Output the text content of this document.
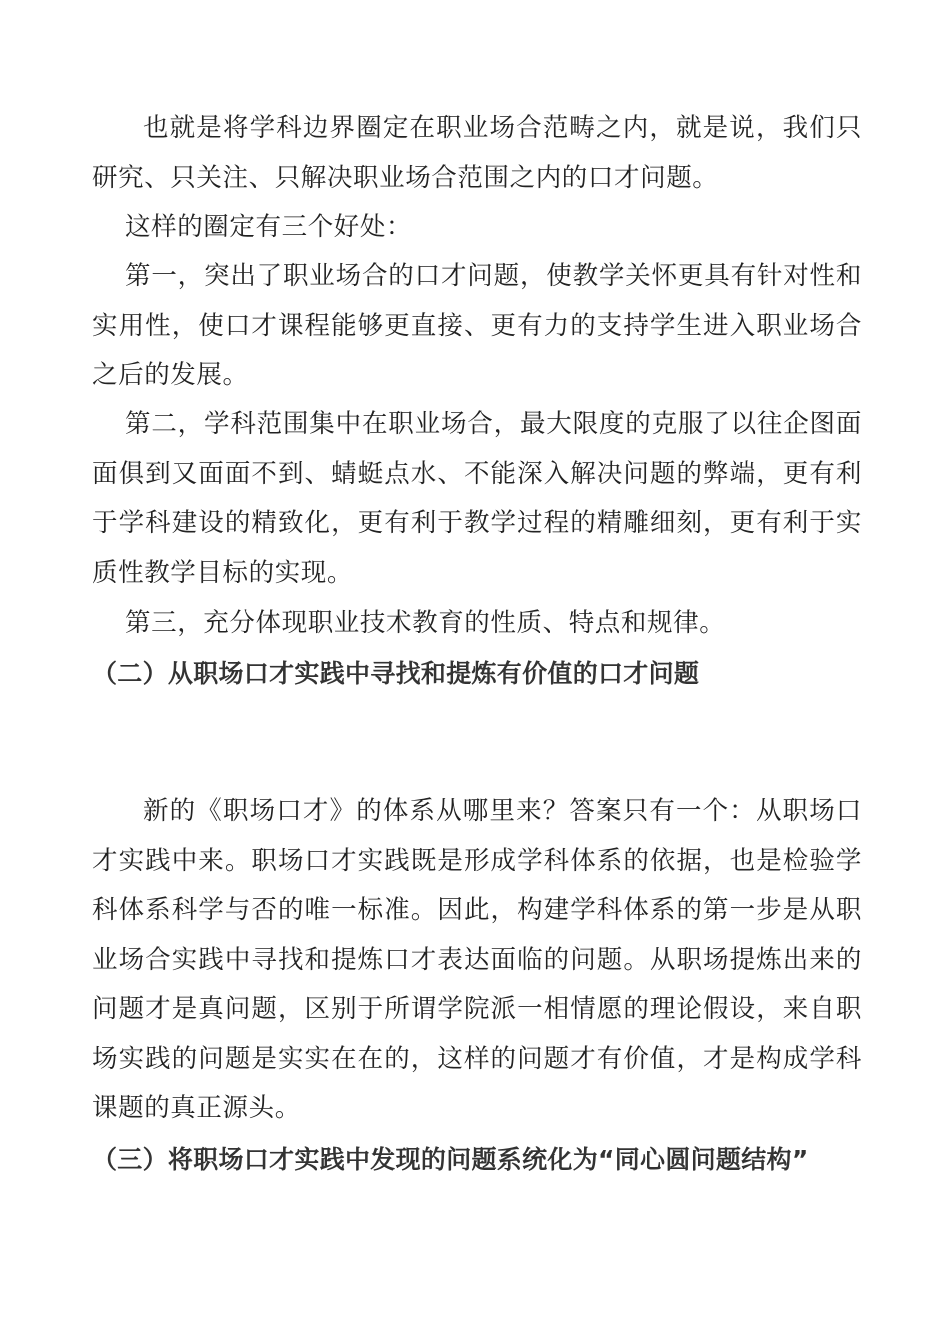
也就是将学科边界圈定在职业场合范畴之内，就是说，我们只研究、只关注、只解决职业场合范围之内的口才问题。

这样的圈定有三个好处：

第一，突出了职业场合的口才问题，使教学关怀更具有针对性和实用性，使口才课程能够更直接、更有力的支持学生进入职业场合之后的发展。

第二，学科范围集中在职业场合，最大限度的克服了以往企图面面俱到又面面不到、蜻蜓点水、不能深入解决问题的弊端，更有利于学科建设的精致化，更有利于教学过程的精雕细刻，更有利于实质性教学目标的实现。

第三，充分体现职业技术教育的性质、特点和规律。

（二）从职场口才实践中寻找和提炼有价值的口才问题

新的《职场口才》的体系从哪里来？答案只有一个：从职场口才实践中来。职场口才实践既是形成学科体系的依据，也是检验学科体系科学与否的唯一标准。因此，构建学科体系的第一步是从职业场合实践中寻找和提炼口才表达面临的问题。从职场提炼出来的问题才是真问题，区别于所谓学院派一相情愿的理论假设，来自职场实践的问题是实实在在的，这样的问题才有价值，才是构成学科课题的真正源头。

（三）将职场口才实践中发现的问题系统化为“同心圆问题结构”
